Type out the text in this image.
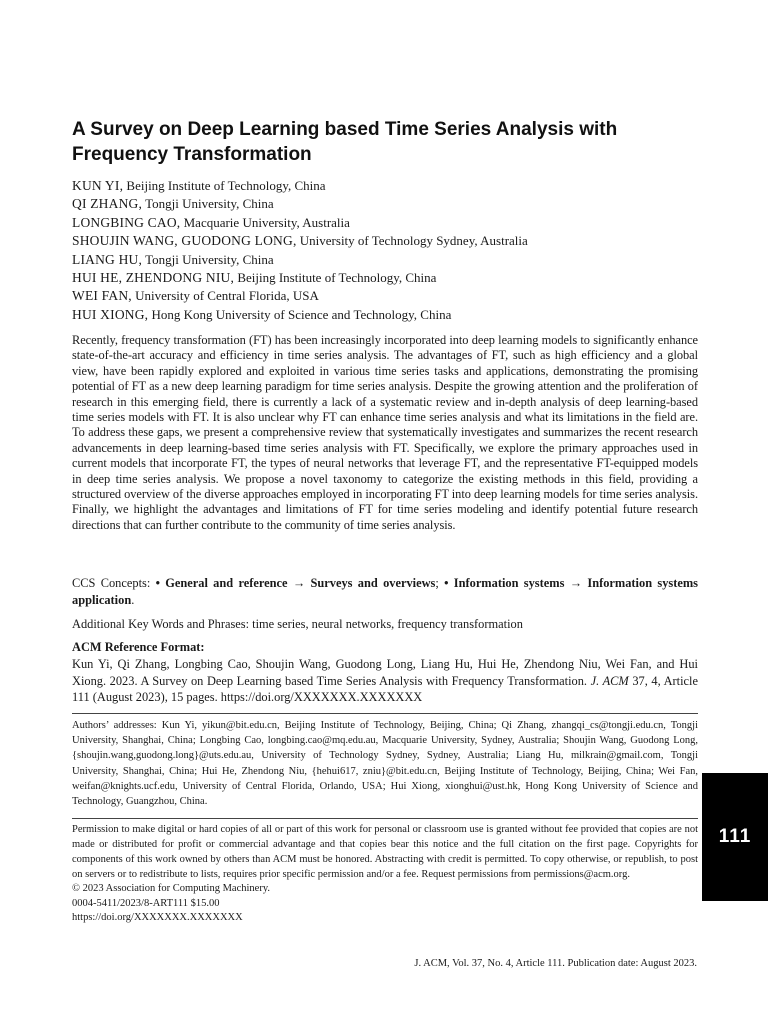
A Survey on Deep Learning based Time Series Analysis with Frequency Transformation
KUN YI, Beijing Institute of Technology, China
QI ZHANG, Tongji University, China
LONGBING CAO, Macquarie University, Australia
SHOUJIN WANG, GUODONG LONG, University of Technology Sydney, Australia
LIANG HU, Tongji University, China
HUI HE, ZHENDONG NIU, Beijing Institute of Technology, China
WEI FAN, University of Central Florida, USA
HUI XIONG, Hong Kong University of Science and Technology, China

Recently, frequency transformation (FT) has been increasingly incorporated into deep learning models to significantly enhance state-of-the-art accuracy and efficiency in time series analysis. The advantages of FT, such as high efficiency and a global view, have been rapidly explored and exploited in various time series tasks and applications, demonstrating the promising potential of FT as a new deep learning paradigm for time series analysis. Despite the growing attention and the proliferation of research in this emerging field, there is currently a lack of a systematic review and in-depth analysis of deep learning-based time series models with FT. It is also unclear why FT can enhance time series analysis and what its limitations in the field are. To address these gaps, we present a comprehensive review that systematically investigates and summarizes the recent research advancements in deep learning-based time series analysis with FT. Specifically, we explore the primary approaches used in current models that incorporate FT, the types of neural networks that leverage FT, and the representative FT-equipped models in deep time series analysis. We propose a novel taxonomy to categorize the existing methods in this field, providing a structured overview of the diverse approaches employed in incorporating FT into deep learning models for time series analysis. Finally, we highlight the advantages and limitations of FT for time series modeling and identify potential future research directions that can further contribute to the community of time series analysis.

CCS Concepts: • General and reference → Surveys and overviews; • Information systems → Information systems application.

Additional Key Words and Phrases: time series, neural networks, frequency transformation

ACM Reference Format:

Kun Yi, Qi Zhang, Longbing Cao, Shoujin Wang, Guodong Long, Liang Hu, Hui He, Zhendong Niu, Wei Fan, and Hui Xiong. 2023. A Survey on Deep Learning based Time Series Analysis with Frequency Transformation. J. ACM 37, 4, Article 111 (August 2023), 15 pages. https://doi.org/XXXXXXX.XXXXXXX

Authors’ addresses: Kun Yi, yikun@bit.edu.cn, Beijing Institute of Technology, Beijing, China; Qi Zhang, zhangqi_cs@tongji.edu.cn, Tongji University, Shanghai, China; Longbing Cao, longbing.cao@mq.edu.au, Macquarie University, Sydney, Australia; Shoujin Wang, Guodong Long, {shoujin.wang,guodong.long}@uts.edu.au, University of Technology Sydney, Sydney, Australia; Liang Hu, milkrain@gmail.com, Tongji University, Shanghai, China; Hui He, Zhendong Niu, {hehui617, zniu}@bit.edu.cn, Beijing Institute of Technology, Beijing, China; Wei Fan, weifan@knights.ucf.edu, University of Central Florida, Orlando, USA; Hui Xiong, xionghui@ust.hk, Hong Kong University of Science and Technology, Guangzhou, China.

Permission to make digital or hard copies of all or part of this work for personal or classroom use is granted without fee provided that copies are not made or distributed for profit or commercial advantage and that copies bear this notice and the full citation on the first page. Copyrights for components of this work owned by others than ACM must be honored. Abstracting with credit is permitted. To copy otherwise, or republish, to post on servers or to redistribute to lists, requires prior specific permission and/or a fee. Request permissions from permissions@acm.org.
© 2023 Association for Computing Machinery.
0004-5411/2023/8-ART111 $15.00
https://doi.org/XXXXXXX.XXXXXXX
J. ACM, Vol. 37, No. 4, Article 111. Publication date: August 2023.
111
